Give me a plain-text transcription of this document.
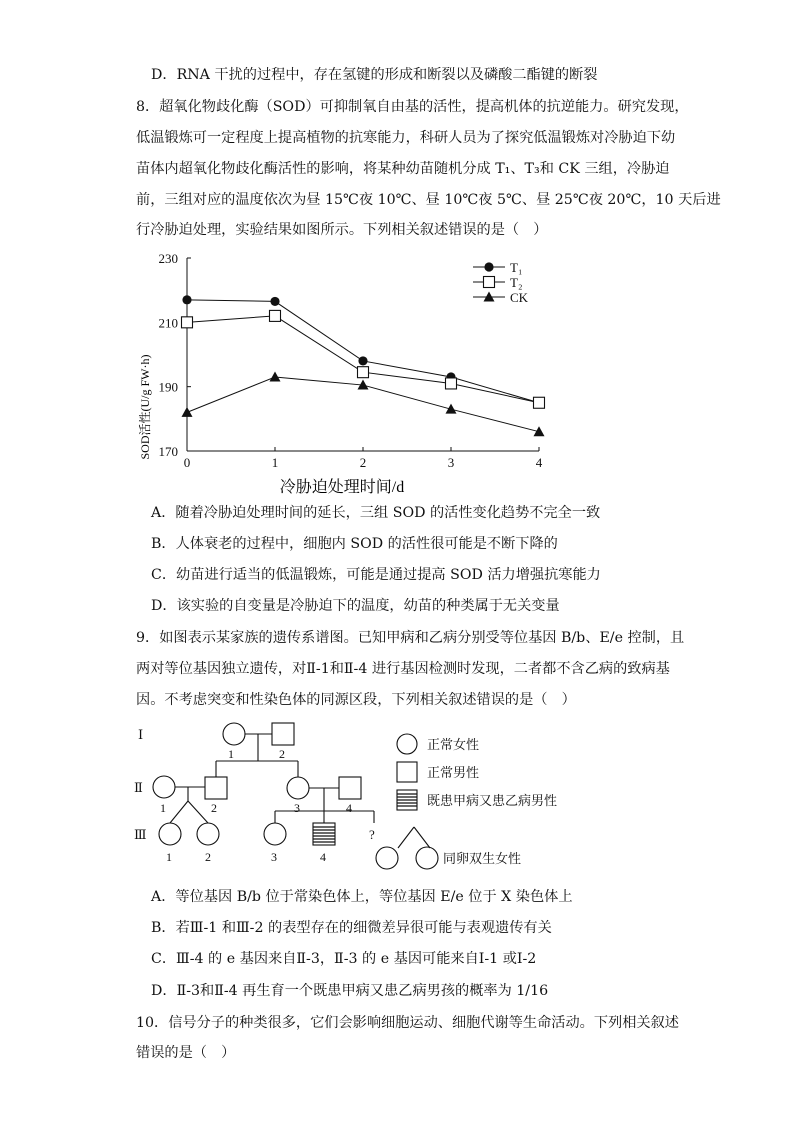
D．RNA 干扰的过程中，存在氢键的形成和断裂以及磷酸二酯键的断裂
8．超氧化物歧化酶（SOD）可抑制氧自由基的活性，提高机体的抗逆能力。研究发现，
低温锻炼可一定程度上提高植物的抗寒能力，科研人员为了探究低温锻炼对冷胁迫下幼
苗体内超氧化物歧化酶活性的影响，将某种幼苗随机分成 T₁、T₃和 CK 三组，冷胁迫
前，三组对应的温度依次为昼 15℃夜 10℃、昼 10℃夜 5℃、昼 25℃夜 20℃，10 天后进
行冷胁迫处理，实验结果如图所示。下列相关叙述错误的是（　）
0	1	2	3	4
170
190
210
230
T₁
T₂
CK
冷胁迫处理时间/d
SOD活性(U/g FW·h)
A．随着冷胁迫处理时间的延长，三组 SOD 的活性变化趋势不完全一致
B．人体衰老的过程中，细胞内 SOD 的活性很可能是不断下降的
C．幼苗进行适当的低温锻炼，可能是通过提高 SOD 活力增强抗寒能力
D．该实验的自变量是冷胁迫下的温度，幼苗的种类属于无关变量
9．如图表示某家族的遗传系谱图。已知甲病和乙病分别受等位基因 B/b、E/e 控制，且
两对等位基因独立遗传，对Ⅱ-1和Ⅱ-4 进行基因检测时发现，二者都不含乙病的致病基
因。不考虑突变和性染色体的同源区段，下列相关叙述错误的是（　）
Ⅰ
Ⅱ
Ⅲ
1	2
1	2	3	4
1	2	3	4
?
正常女性
正常男性
既患甲病又患乙病男性
同卵双生女性
A．等位基因 B/b 位于常染色体上，等位基因 E/e 位于 X 染色体上
B．若Ⅲ-1 和Ⅲ-2 的表型存在的细微差异很可能与表观遗传有关
C．Ⅲ-4 的 e 基因来自Ⅱ-3，Ⅱ-3 的 e 基因可能来自Ⅰ-1 或Ⅰ-2
D．Ⅱ-3和Ⅱ-4 再生育一个既患甲病又患乙病男孩的概率为 1/16
10．信号分子的种类很多，它们会影响细胞运动、细胞代谢等生命活动。下列相关叙述
错误的是（　）
